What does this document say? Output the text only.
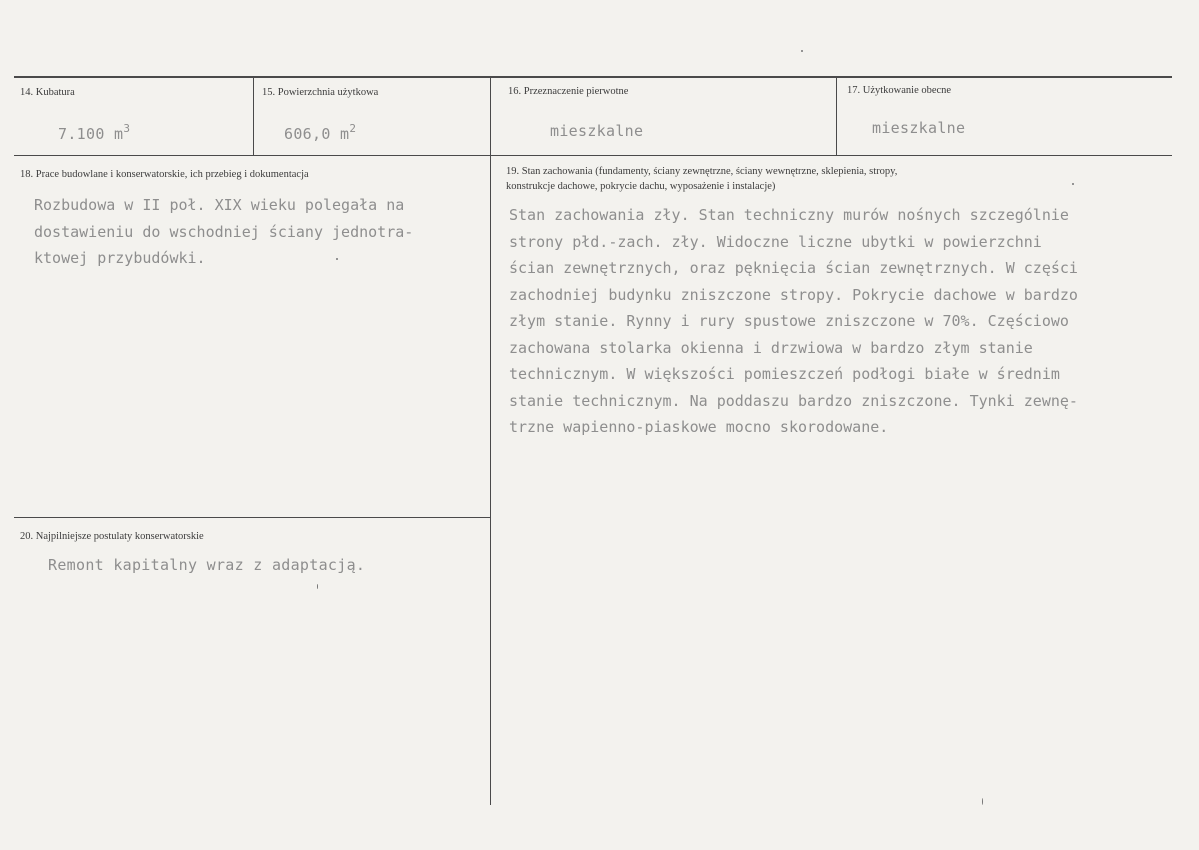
14. Kubatura
7.100 $m^3$
15. Powierzchnia użytkowa
606,0 $m^2$
16. Przeznaczenie pierwotne
mieszkalne
17. Użytkowanie obecne
mieszkalne
18. Prace budowlane i konserwatorskie, ich przebieg i dokumentacja
Rozbudowa w II poł. XIX wieku polegała na
dostawieniu do wschodniej ściany jednotra-
ktowej przybudówki.
19. Stan zachowania (fundamenty, ściany zewnętrzne, ściany wewnętrzne, sklepienia, stropy,
konstrukcje dachowe, pokrycie dachu, wyposażenie i instalacje)
Stan zachowania zły. Stan techniczny murów nośnych szczególnie
strony płd.-zach. zły. Widoczne liczne ubytki w powierzchni
ścian zewnętrznych, oraz pęknięcia ścian zewnętrznych. W części
zachodniej budynku zniszczone stropy. Pokrycie dachowe w bardzo
złym stanie. Rynny i rury spustowe zniszczone w 70%. Częściowo
zachowana stolarka okienna i drzwiowa w bardzo złym stanie
technicznym. W większości pomieszczeń podłogi białe w średnim
stanie technicznym. Na poddaszu bardzo zniszczone. Tynki zewnę-
trzne wapienno-piaskowe mocno skorodowane.
20. Najpilniejsze postulaty konserwatorskie
Remont kapitalny wraz z adaptacją.
